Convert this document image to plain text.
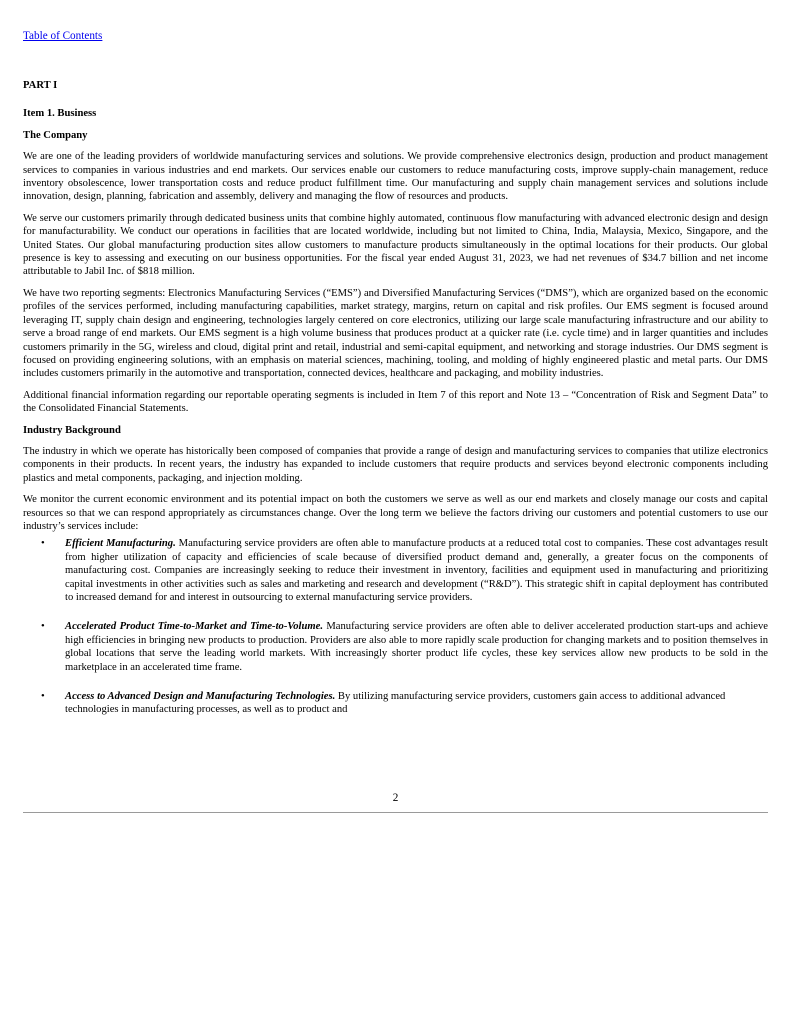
Table of Contents
PART I
Item 1. Business
The Company

We are one of the leading providers of worldwide manufacturing services and solutions. We provide comprehensive electronics design, production and product management services to companies in various industries and end markets. Our services enable our customers to reduce manufacturing costs, improve supply-chain management, reduce inventory obsolescence, lower transportation costs and reduce product fulfillment time. Our manufacturing and supply chain management services and solutions include innovation, design, planning, fabrication and assembly, delivery and managing the flow of resources and products.

We serve our customers primarily through dedicated business units that combine highly automated, continuous flow manufacturing with advanced electronic design and design for manufacturability. We conduct our operations in facilities that are located worldwide, including but not limited to China, India, Malaysia, Mexico, Singapore, and the United States. Our global manufacturing production sites allow customers to manufacture products simultaneously in the optimal locations for their products. Our global presence is key to assessing and executing on our business opportunities. For the fiscal year ended August 31, 2023, we had net revenues of $34.7 billion and net income attributable to Jabil Inc. of $818 million.

We have two reporting segments: Electronics Manufacturing Services (“EMS”) and Diversified Manufacturing Services (“DMS”), which are organized based on the economic profiles of the services performed, including manufacturing capabilities, market strategy, margins, return on capital and risk profiles. Our EMS segment is focused around leveraging IT, supply chain design and engineering, technologies largely centered on core electronics, utilizing our large scale manufacturing infrastructure and our ability to serve a broad range of end markets. Our EMS segment is a high volume business that produces product at a quicker rate (i.e. cycle time) and in larger quantities and includes customers primarily in the 5G, wireless and cloud, digital print and retail, industrial and semi-capital equipment, and networking and storage industries. Our DMS segment is focused on providing engineering solutions, with an emphasis on material sciences, machining, tooling, and molding of highly engineered plastic and metal parts. Our DMS includes customers primarily in the automotive and transportation, connected devices, healthcare and packaging, and mobility industries.

Additional financial information regarding our reportable operating segments is included in Item 7 of this report and Note 13 – “Concentration of Risk and Segment Data” to the Consolidated Financial Statements.

Industry Background

The industry in which we operate has historically been composed of companies that provide a range of design and manufacturing services to companies that utilize electronics components in their products. In recent years, the industry has expanded to include customers that require products and services beyond electronic components including plastics and metal components, packaging, and injection molding.

We monitor the current economic environment and its potential impact on both the customers we serve as well as our end markets and closely manage our costs and capital resources so that we can respond appropriately as circumstances change. Over the long term we believe the factors driving our customers and potential customers to use our industry’s services include:

• Efficient Manufacturing. Manufacturing service providers are often able to manufacture products at a reduced total cost to companies. These cost advantages result from higher utilization of capacity and efficiencies of scale because of diversified product demand and, generally, a greater focus on the components of manufacturing cost. Companies are increasingly seeking to reduce their investment in inventory, facilities and equipment used in manufacturing and prioritizing capital investments in other activities such as sales and marketing and research and development (“R&D”). This strategic shift in capital deployment has contributed to increased demand for and interest in outsourcing to external manufacturing service providers.
• Accelerated Product Time-to-Market and Time-to-Volume. Manufacturing service providers are often able to deliver accelerated production start-ups and achieve high efficiencies in bringing new products to production. Providers are also able to more rapidly scale production for changing markets and to position themselves in global locations that serve the leading world markets. With increasingly shorter product life cycles, these key services allow new products to be sold in the marketplace in an accelerated time frame.
• Access to Advanced Design and Manufacturing Technologies. By utilizing manufacturing service providers, customers gain access to additional advanced technologies in manufacturing processes, as well as to product and
2
